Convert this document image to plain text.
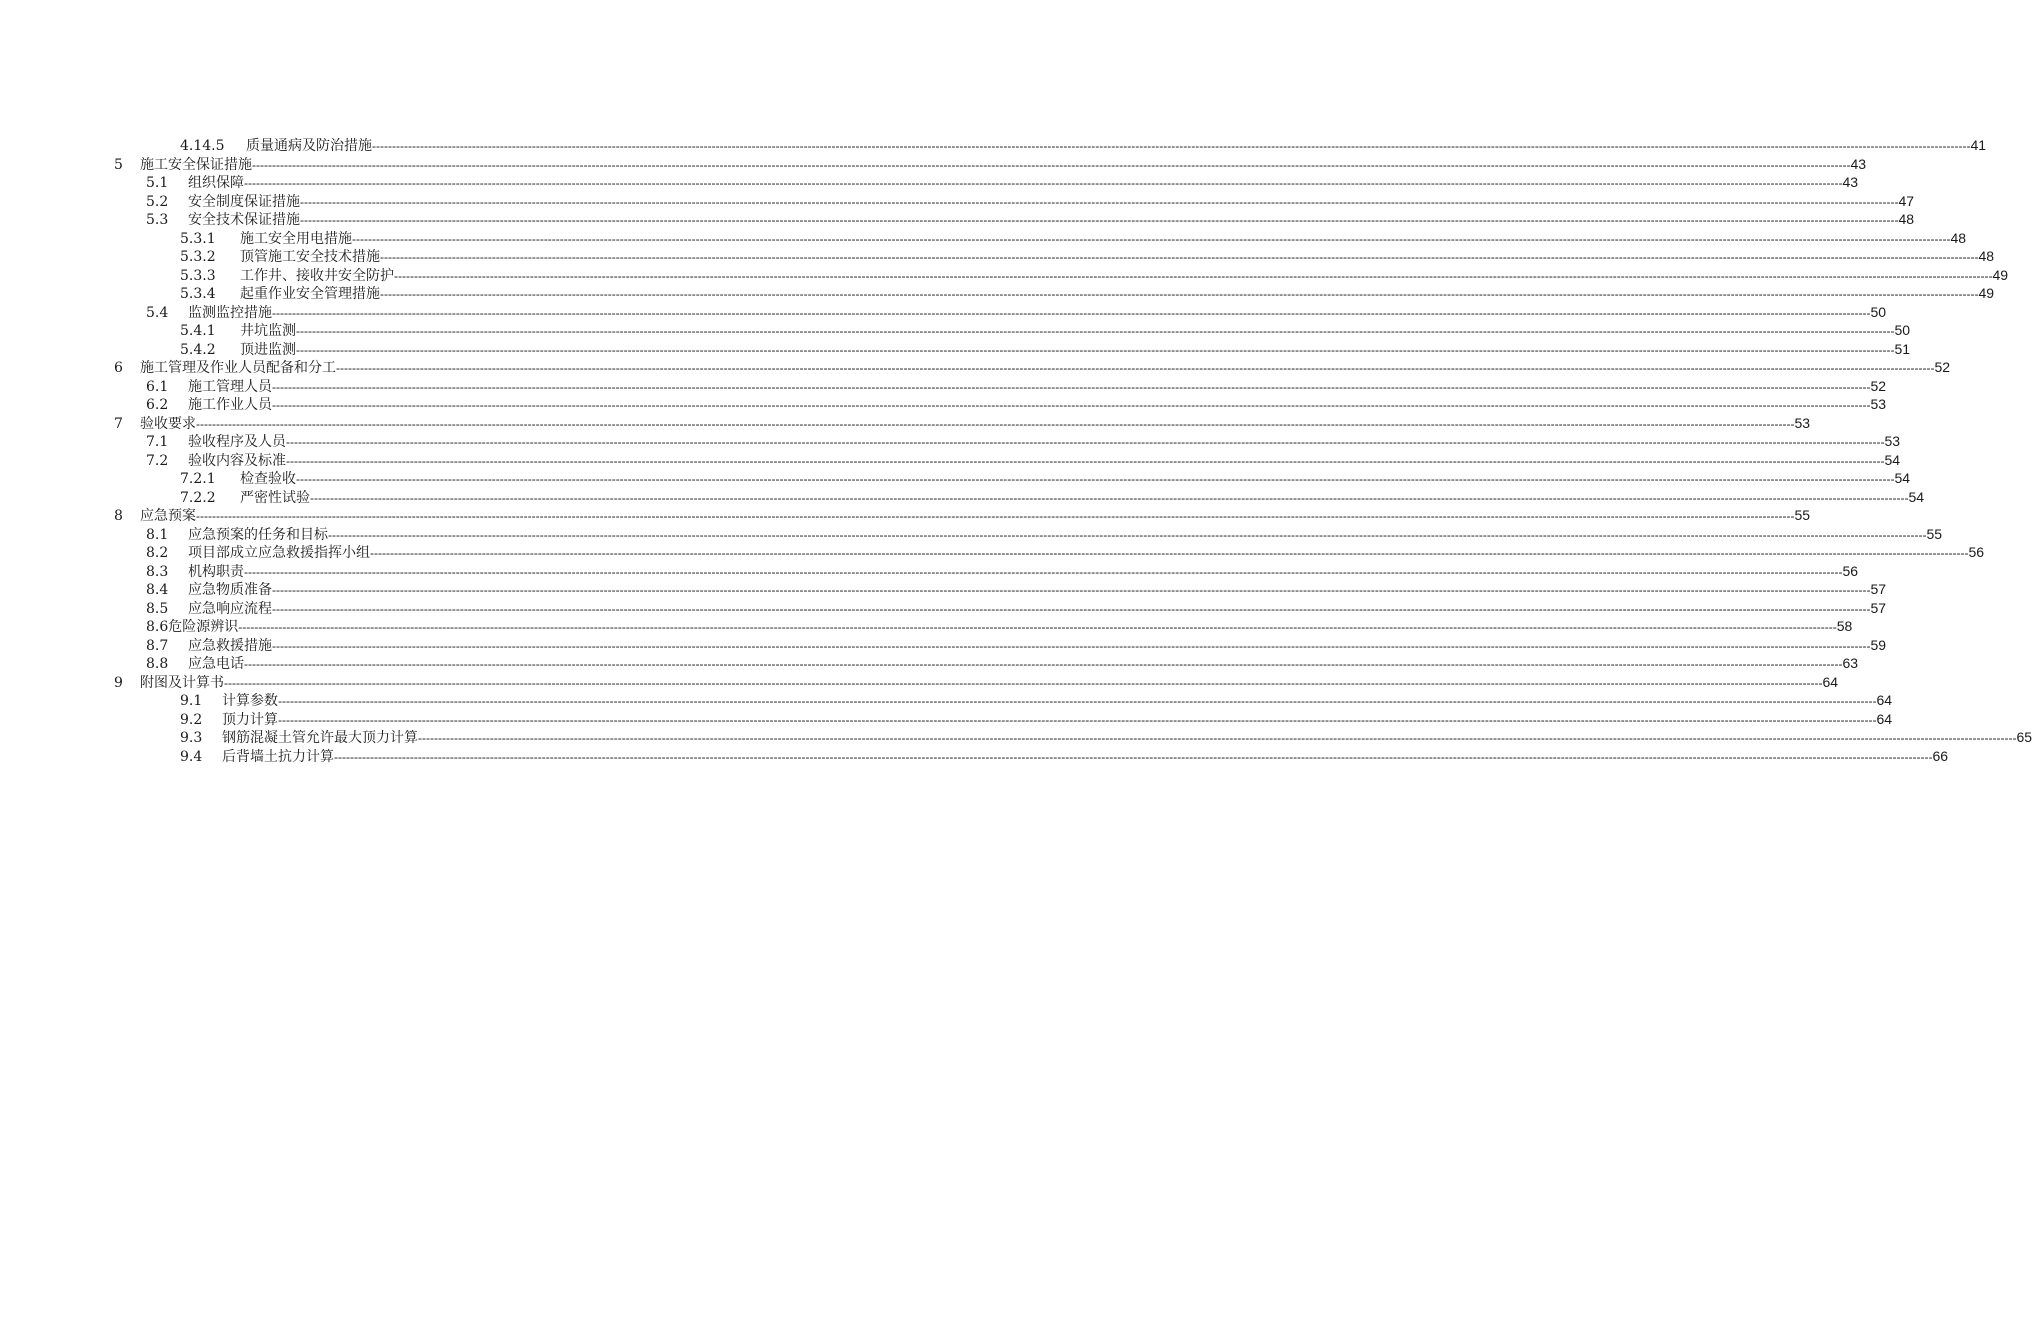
4.14.5	质量通病及防治措施 ---------------------------------------------------------------------------------------------------------------------------------------------------------------------------------------------------------------------------------------------------------------------------------------------------------------------------------------------------------------------------------------------------------------- 41
5	施工安全保证措施 ---------------------------------------------------------------------------------------------------------------------------------------------------------------------------------------------------------------------------------------------------------------------------------------------------------------------------------------------------------------------------------------------------------------- 43
5.1	组织保障 ---------------------------------------------------------------------------------------------------------------------------------------------------------------------------------------------------------------------------------------------------------------------------------------------------------------------------------------------------------------------------------------------------------------- 43
5.2	安全制度保证措施 ---------------------------------------------------------------------------------------------------------------------------------------------------------------------------------------------------------------------------------------------------------------------------------------------------------------------------------------------------------------------------------------------------------------- 47
5.3	安全技术保证措施 ---------------------------------------------------------------------------------------------------------------------------------------------------------------------------------------------------------------------------------------------------------------------------------------------------------------------------------------------------------------------------------------------------------------- 48
5.3.1	施工安全用电措施 ---------------------------------------------------------------------------------------------------------------------------------------------------------------------------------------------------------------------------------------------------------------------------------------------------------------------------------------------------------------------------------------------------------------- 48
5.3.2	顶管施工安全技术措施 ---------------------------------------------------------------------------------------------------------------------------------------------------------------------------------------------------------------------------------------------------------------------------------------------------------------------------------------------------------------------------------------------------------------- 48
5.3.3	工作井、接收井安全防护 ---------------------------------------------------------------------------------------------------------------------------------------------------------------------------------------------------------------------------------------------------------------------------------------------------------------------------------------------------------------------------------------------------------------- 49
5.3.4	起重作业安全管理措施 ---------------------------------------------------------------------------------------------------------------------------------------------------------------------------------------------------------------------------------------------------------------------------------------------------------------------------------------------------------------------------------------------------------------- 49
5.4	监测监控措施 ---------------------------------------------------------------------------------------------------------------------------------------------------------------------------------------------------------------------------------------------------------------------------------------------------------------------------------------------------------------------------------------------------------------- 50
5.4.1	井坑监测 ---------------------------------------------------------------------------------------------------------------------------------------------------------------------------------------------------------------------------------------------------------------------------------------------------------------------------------------------------------------------------------------------------------------- 50
5.4.2	顶进监测 ---------------------------------------------------------------------------------------------------------------------------------------------------------------------------------------------------------------------------------------------------------------------------------------------------------------------------------------------------------------------------------------------------------------- 51
6	施工管理及作业人员配备和分工 ---------------------------------------------------------------------------------------------------------------------------------------------------------------------------------------------------------------------------------------------------------------------------------------------------------------------------------------------------------------------------------------------------------------- 52
6.1	施工管理人员 ---------------------------------------------------------------------------------------------------------------------------------------------------------------------------------------------------------------------------------------------------------------------------------------------------------------------------------------------------------------------------------------------------------------- 52
6.2	施工作业人员 ---------------------------------------------------------------------------------------------------------------------------------------------------------------------------------------------------------------------------------------------------------------------------------------------------------------------------------------------------------------------------------------------------------------- 53
7	验收要求 ---------------------------------------------------------------------------------------------------------------------------------------------------------------------------------------------------------------------------------------------------------------------------------------------------------------------------------------------------------------------------------------------------------------- 53
7.1	验收程序及人员 ---------------------------------------------------------------------------------------------------------------------------------------------------------------------------------------------------------------------------------------------------------------------------------------------------------------------------------------------------------------------------------------------------------------- 53
7.2	验收内容及标准 ---------------------------------------------------------------------------------------------------------------------------------------------------------------------------------------------------------------------------------------------------------------------------------------------------------------------------------------------------------------------------------------------------------------- 54
7.2.1	检查验收 ---------------------------------------------------------------------------------------------------------------------------------------------------------------------------------------------------------------------------------------------------------------------------------------------------------------------------------------------------------------------------------------------------------------- 54
7.2.2	严密性试验 ---------------------------------------------------------------------------------------------------------------------------------------------------------------------------------------------------------------------------------------------------------------------------------------------------------------------------------------------------------------------------------------------------------------- 54
8	应急预案 ---------------------------------------------------------------------------------------------------------------------------------------------------------------------------------------------------------------------------------------------------------------------------------------------------------------------------------------------------------------------------------------------------------------- 55
8.1	应急预案的任务和目标 ---------------------------------------------------------------------------------------------------------------------------------------------------------------------------------------------------------------------------------------------------------------------------------------------------------------------------------------------------------------------------------------------------------------- 55
8.2	项目部成立应急救援指挥小组 ---------------------------------------------------------------------------------------------------------------------------------------------------------------------------------------------------------------------------------------------------------------------------------------------------------------------------------------------------------------------------------------------------------------- 56
8.3	机构职责 ---------------------------------------------------------------------------------------------------------------------------------------------------------------------------------------------------------------------------------------------------------------------------------------------------------------------------------------------------------------------------------------------------------------- 56
8.4	应急物质准备 ---------------------------------------------------------------------------------------------------------------------------------------------------------------------------------------------------------------------------------------------------------------------------------------------------------------------------------------------------------------------------------------------------------------- 57
8.5	应急响应流程 ---------------------------------------------------------------------------------------------------------------------------------------------------------------------------------------------------------------------------------------------------------------------------------------------------------------------------------------------------------------------------------------------------------------- 57
8.6 危险源辨识 ---------------------------------------------------------------------------------------------------------------------------------------------------------------------------------------------------------------------------------------------------------------------------------------------------------------------------------------------------------------------------------------------------------------- 58
8.7	应急救援措施 ---------------------------------------------------------------------------------------------------------------------------------------------------------------------------------------------------------------------------------------------------------------------------------------------------------------------------------------------------------------------------------------------------------------- 59
8.8	应急电话 ---------------------------------------------------------------------------------------------------------------------------------------------------------------------------------------------------------------------------------------------------------------------------------------------------------------------------------------------------------------------------------------------------------------- 63
9	附图及计算书 ---------------------------------------------------------------------------------------------------------------------------------------------------------------------------------------------------------------------------------------------------------------------------------------------------------------------------------------------------------------------------------------------------------------- 64
9.1	计算参数 ---------------------------------------------------------------------------------------------------------------------------------------------------------------------------------------------------------------------------------------------------------------------------------------------------------------------------------------------------------------------------------------------------------------- 64
9.2	顶力计算 ---------------------------------------------------------------------------------------------------------------------------------------------------------------------------------------------------------------------------------------------------------------------------------------------------------------------------------------------------------------------------------------------------------------- 64
9.3	钢筋混凝土管允许最大顶力计算 ---------------------------------------------------------------------------------------------------------------------------------------------------------------------------------------------------------------------------------------------------------------------------------------------------------------------------------------------------------------------------------------------------------------- 65
9.4	后背墙土抗力计算 ---------------------------------------------------------------------------------------------------------------------------------------------------------------------------------------------------------------------------------------------------------------------------------------------------------------------------------------------------------------------------------------------------------------- 66
